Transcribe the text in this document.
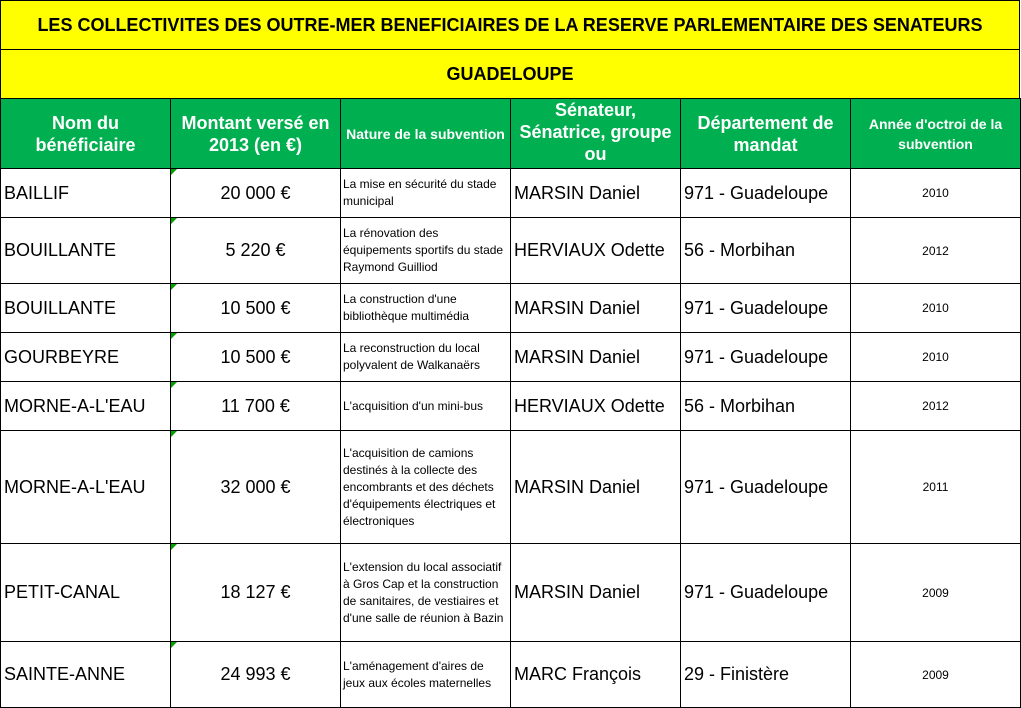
LES COLLECTIVITES DES OUTRE-MER BENEFICIAIRES DE LA RESERVE PARLEMENTAIRE DES SENATEURS
GUADELOUPE
Nom du bénéficiaire	Montant versé en 2013 (en €)	Nature de la subvention	Sénateur, Sénatrice, groupe ou	Département de mandat	Année d'octroi de la subvention
BAILLIF	20 000 €	La mise en sécurité du stade municipal	MARSIN Daniel	971 - Guadeloupe	2010
BOUILLANTE	5 220 €	La rénovation des équipements sportifs du stade Raymond Guilliod	HERVIAUX Odette	56 - Morbihan	2012
BOUILLANTE	10 500 €	La construction d'une bibliothèque multimédia	MARSIN Daniel	971 - Guadeloupe	2010
GOURBEYRE	10 500 €	La reconstruction du local polyvalent de Walkanaërs	MARSIN Daniel	971 - Guadeloupe	2010
MORNE-A-L'EAU	11 700 €	L'acquisition d'un mini-bus	HERVIAUX Odette	56 - Morbihan	2012
MORNE-A-L'EAU	32 000 €	L'acquisition de camions destinés à la collecte des encombrants et des déchets d'équipements électriques et électroniques	MARSIN Daniel	971 - Guadeloupe	2011
PETIT-CANAL	18 127 €	L'extension du local associatif à Gros Cap et la construction de sanitaires, de vestiaires et d'une salle de réunion à Bazin	MARSIN Daniel	971 - Guadeloupe	2009
SAINTE-ANNE	24 993 €	L'aménagement d'aires de jeux aux écoles maternelles	MARC François	29 - Finistère	2009
